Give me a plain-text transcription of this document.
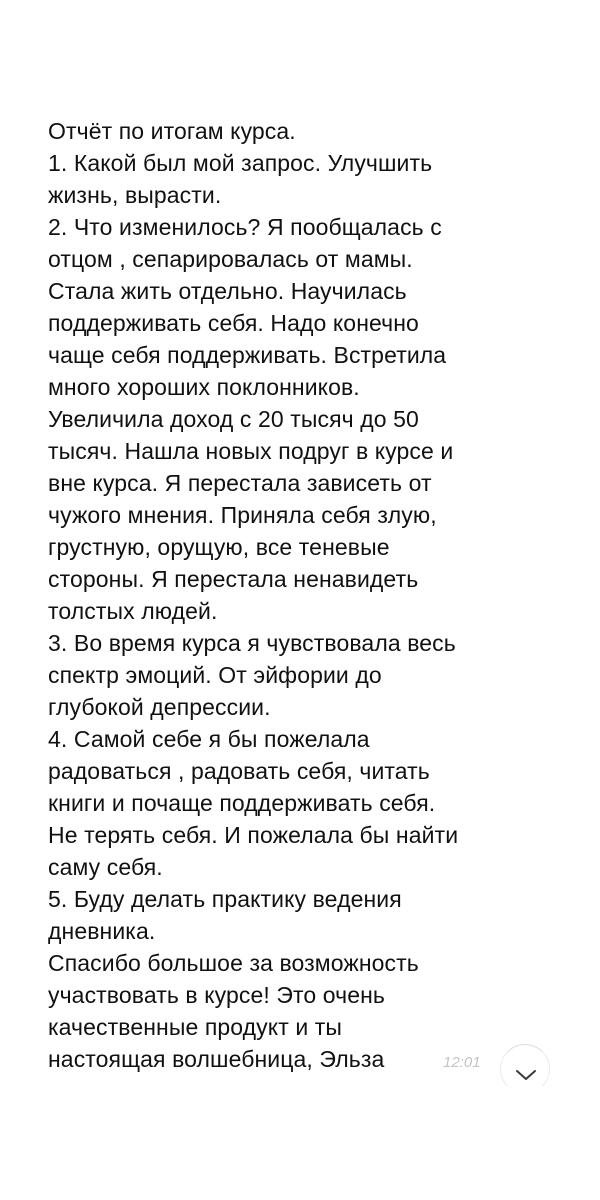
Отчёт по итогам курса.
1. Какой был мой запрос. Улучшить
жизнь, вырасти.
2. Что изменилось? Я пообщалась с
отцом , сепарировалась от мамы.
Стала жить отдельно. Научилась
поддерживать себя. Надо конечно
чаще себя поддерживать. Встретила
много хороших поклонников.
Увеличила доход с 20 тысяч до 50
тысяч. Нашла новых подруг в курсе и
вне курса. Я перестала зависеть от
чужого мнения. Приняла себя злую,
грустную, орущую, все теневые
стороны. Я перестала ненавидеть
толстых людей.
3. Во время курса я чувствовала весь
спектр эмоций. От эйфории до
глубокой депрессии.
4. Самой себе я бы пожелала
радоваться , радовать себя, читать
книги и почаще поддерживать себя.
Не терять себя. И пожелала бы найти
саму себя.
5. Буду делать практику ведения
дневника.
Спасибо большое за возможность
участвовать в курсе! Это очень
качественные продукт и ты
настоящая волшебница, Эльза	12:01
